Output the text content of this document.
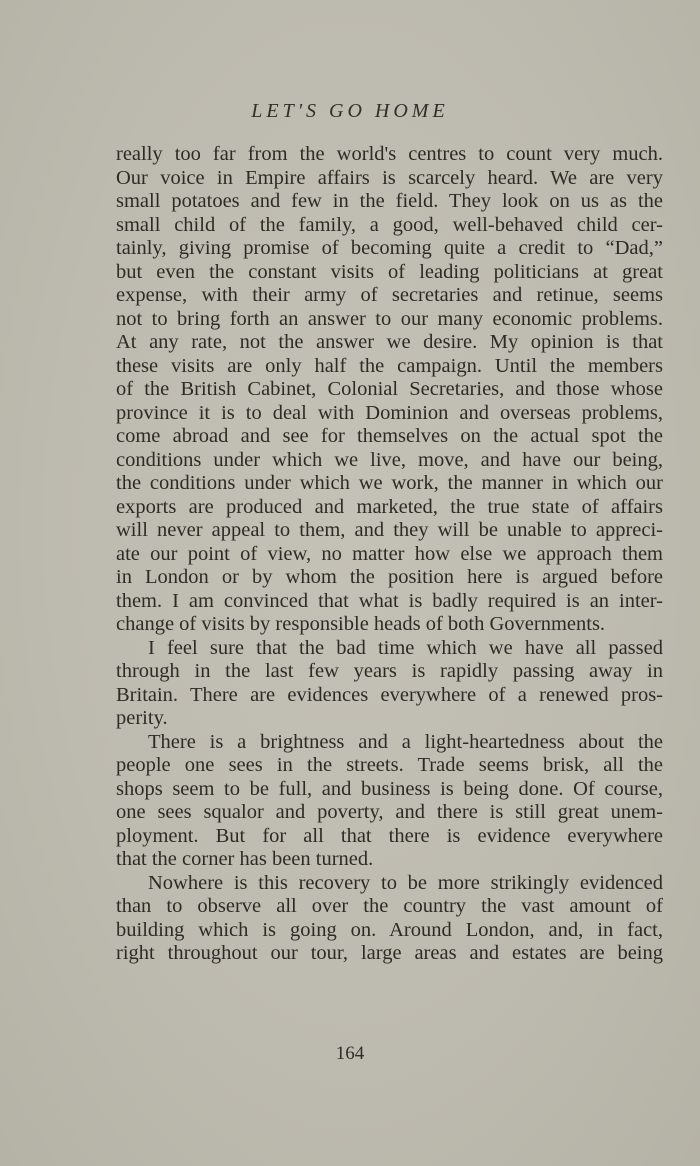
LET'S GO HOME
really too far from the world's centres to count very much.
Our voice in Empire affairs is scarcely heard. We are very
small potatoes and few in the field. They look on us as the
small child of the family, a good, well-behaved child cer-
tainly, giving promise of becoming quite a credit to “Dad,”
but even the constant visits of leading politicians at great
expense, with their army of secretaries and retinue, seems
not to bring forth an answer to our many economic problems.
At any rate, not the answer we desire. My opinion is that
these visits are only half the campaign. Until the members
of the British Cabinet, Colonial Secretaries, and those whose
province it is to deal with Dominion and overseas problems,
come abroad and see for themselves on the actual spot the
conditions under which we live, move, and have our being,
the conditions under which we work, the manner in which our
exports are produced and marketed, the true state of affairs
will never appeal to them, and they will be unable to appreci-
ate our point of view, no matter how else we approach them
in London or by whom the position here is argued before
them. I am convinced that what is badly required is an inter-
change of visits by responsible heads of both Governments.
I feel sure that the bad time which we have all passed
through in the last few years is rapidly passing away in
Britain. There are evidences everywhere of a renewed pros-
perity.
There is a brightness and a light-heartedness about the
people one sees in the streets. Trade seems brisk, all the
shops seem to be full, and business is being done. Of course,
one sees squalor and poverty, and there is still great unem-
ployment. But for all that there is evidence everywhere
that the corner has been turned.
Nowhere is this recovery to be more strikingly evidenced
than to observe all over the country the vast amount of
building which is going on. Around London, and, in fact,
right throughout our tour, large areas and estates are being
164
